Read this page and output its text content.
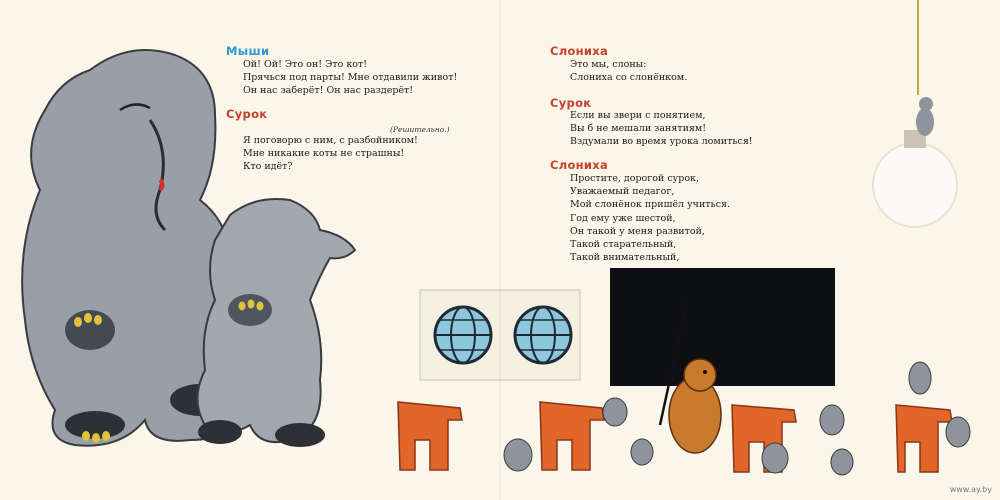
Мыши
Ой! Ой! Это он! Это кот!
Прячься под парты! Мне отдавили живот!
Он нас заберёт! Он нас раздерёт!
Сурок
(Решительно.)
Я поговорю с ним, с разбойником!
Мне никакие коты не страшны!
Кто идёт?
Слониха
Это мы, слоны:
Слониха со слонёнком.
Сурок
Если вы звери с понятием,
Вы б не мешали занятиям!
Вздумали во время урока ломиться!
Слониха
Простите, дорогой сурок,
Уважаемый педагог,
Мой слонёнок пришёл учиться.
Год ему уже шестой,
Он такой у меня развитой,
Такой старательный,
Такой внимательный,
www.ay.by
